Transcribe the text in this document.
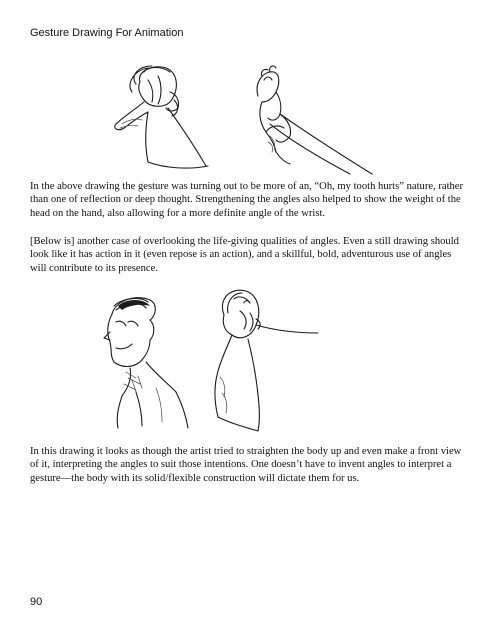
Gesture Drawing For Animation

In the above drawing the gesture was turning out to be more of an, “Oh, my tooth hurts” nature, rather than one of reflection or deep thought. Strengthening the angles also helped to show the weight of the head on the hand, also allowing for a more definite angle of the wrist.

[Below is] another case of overlooking the life-giving qualities of angles. Even a still drawing should look like it has action in it (even repose is an action), and a skillful, bold, adventurous use of angles will contribute to its presence.

In this drawing it looks as though the artist tried to straighten the body up and even make a front view of it, interpreting the angles to suit those intentions. One doesn’t have to invent angles to interpret a gesture—the body with its solid/flexible construction will dictate them for us.

90
